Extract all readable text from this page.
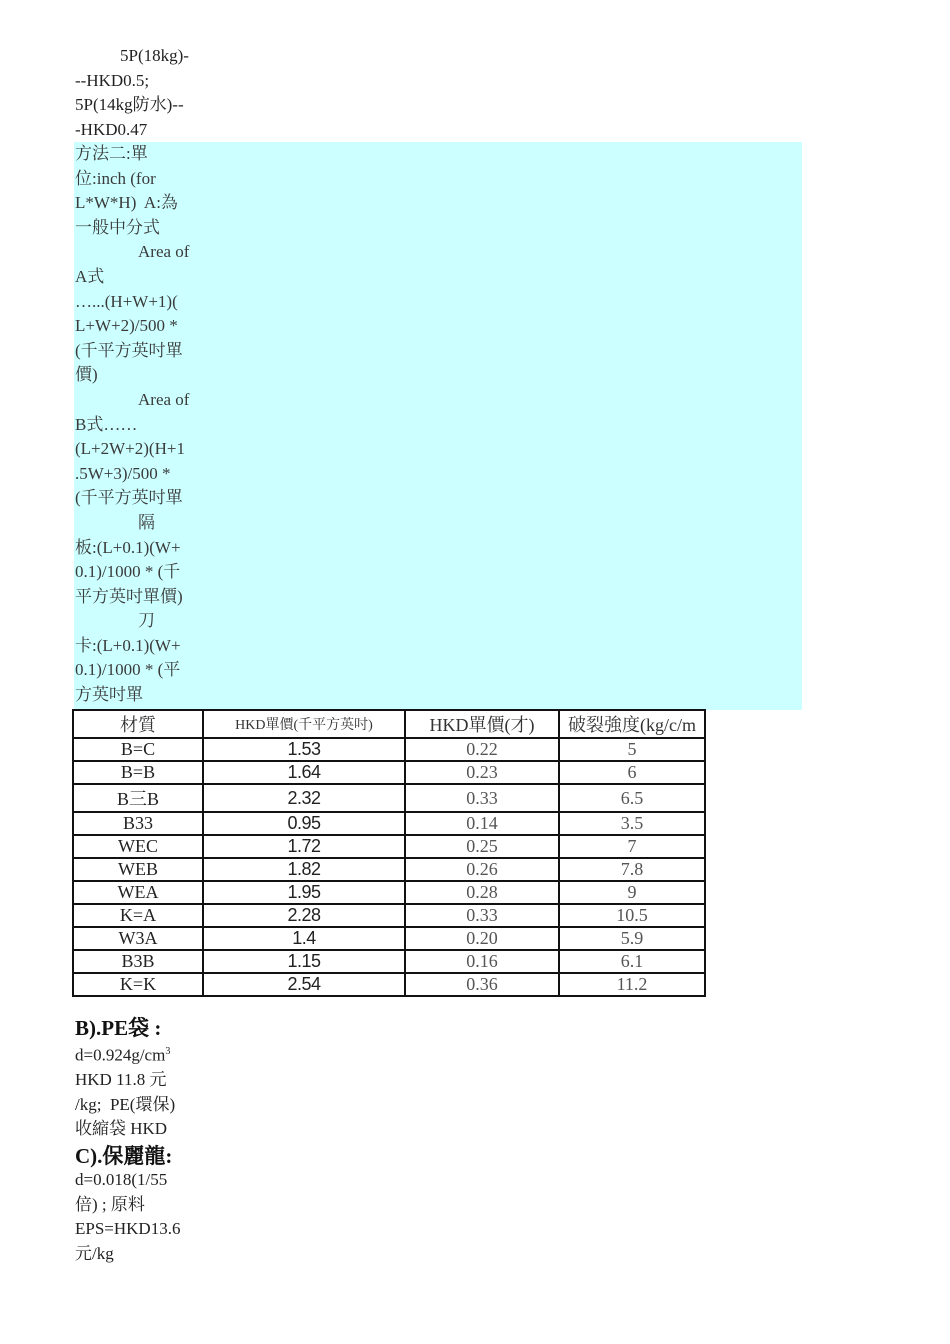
5P(18kg)-
--HKD0.5;
5P(14kg防水)--
-HKD0.47
方法二:單
位:inch (for
L*W*H)  A:為
一般中分式
Area of
A式
…...(H+W+1)(
L+W+2)/500 *
(千平方英吋單
價)
Area of
B式……
(L+2W+2)(H+1
.5W+3)/500 *
(千平方英吋單
隔
板:(L+0.1)(W+
0.1)/1000 * (千
平方英吋單價)
刀
卡:(L+0.1)(W+
0.1)/1000 * (平
方英吋單
材質	HKD單價(千平方英吋)	HKD單價(才)	破裂強度(kg/c/m
B=C	1.53	0.22	5
B=B	1.64	0.23	6
B三B	2.32	0.33	6.5
B33	0.95	0.14	3.5
WEC	1.72	0.25	7
WEB	1.82	0.26	7.8
WEA	1.95	0.28	9
K=A	2.28	0.33	10.5
W3A	1.4	0.20	5.9
B3B	1.15	0.16	6.1
K=K	2.54	0.36	11.2
B).PE袋 :
$d=0.924g/cm^3$
HKD 11.8 元
/kg;  PE(環保)
收縮袋 HKD
C).保麗龍:
d=0.018(1/55
倍) ; 原料
EPS=HKD13.6
元/kg
